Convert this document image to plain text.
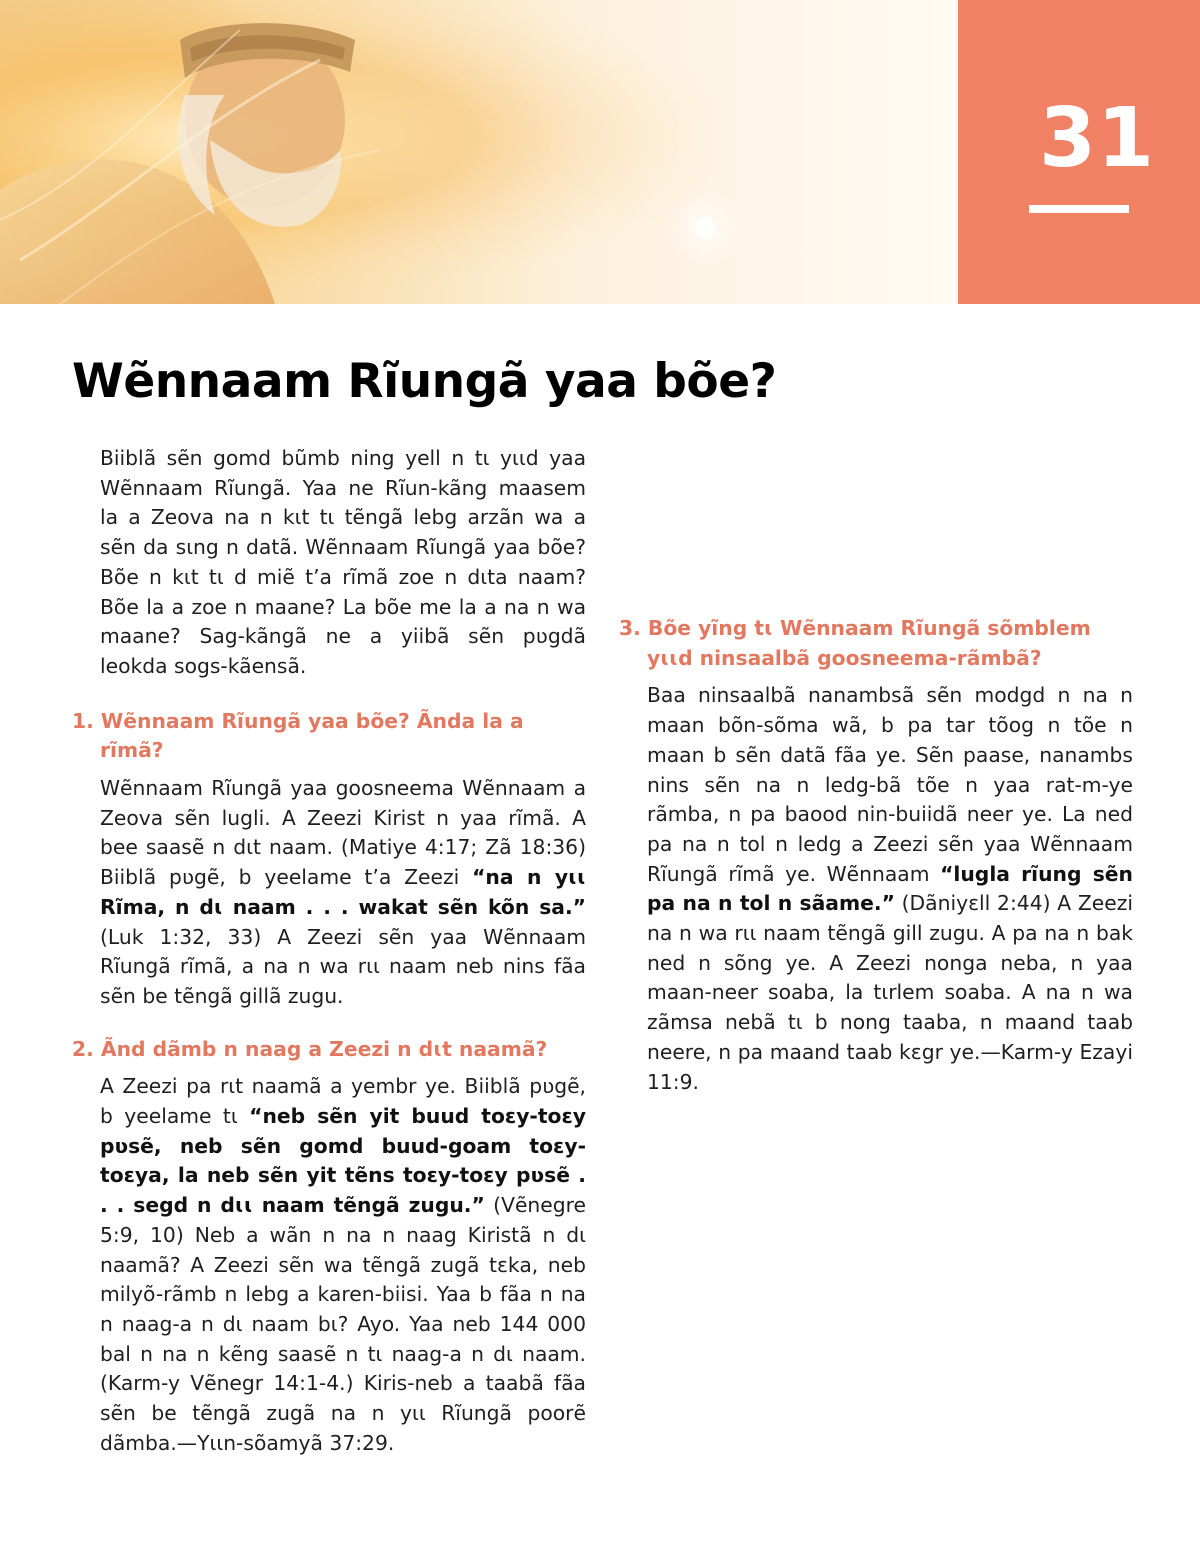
31
Wẽnnaam Rĩungã yaa bõe?

Biiblã sẽn gomd bũmb ning yell n tɩ yɩɩd yaa Wẽnnaam Rĩungã. Yaa ne Rĩun-kãng maasem la a Zeova na n kɩt tɩ tẽngã lebg arzãn wa a sẽn da sɩng n datã. Wẽnnaam Rĩungã yaa bõe? Bõe n kɩt tɩ d miẽ t’a rĩmã zoe n dɩta naam? Bõe la a zoe n maane? La bõe me la a na n wa maane? Sag-kãngã ne a yiibã sẽn pʋgdã leokda sogs-kãensã.

1. Wẽnnaam Rĩungã yaa bõe? Ãnda la a rĩmã?

Wẽnnaam Rĩungã yaa goosneema Wẽnnaam a Zeova sẽn lugli. A Zeezi Kirist n yaa rĩmã. A bee saasẽ n dɩt naam. (Matiye 4:17; Zã 18:36) Biiblã pʋgẽ, b yeelame t’a Zeezi “na n yɩɩ Rĩma, n dɩ naam . . . wakat sẽn kõn sa.” (Luk 1:32, 33) A Zeezi sẽn yaa Wẽnnaam Rĩungã rĩmã, a na n wa rɩɩ naam neb nins fãa sẽn be tẽngã gillã zugu.

2. Ãnd dãmb n naag a Zeezi n dɩt naamã?

A Zeezi pa rɩt naamã a yembr ye. Biiblã pʋgẽ, b yeelame tɩ “neb sẽn yit buud toɛy-toɛy pʋsẽ, neb sẽn gomd buud-goam toɛy-toɛya, la neb sẽn yit tẽns toɛy-toɛy pʋsẽ . . . segd n dɩɩ naam tẽngã zugu.” (Vẽnegre 5:9, 10) Neb a wãn n na n naag Kiristã n dɩ naamã? A Zeezi sẽn wa tẽngã zugã tɛka, neb milyõ-rãmb n lebg a karen-biisi. Yaa b fãa n na n naag-a n dɩ naam bɩ? Ayo. Yaa neb 144 000 bal n na n kẽng saasẽ n tɩ naag-a n dɩ naam. (Karm-y Vẽnegr 14:1-4.) Kiris-neb a taabã fãa sẽn be tẽngã zugã na n yɩɩ Rĩungã poorẽ dãmba.—Yɩɩn-sõamyã 37:29.

3. Bõe yĩng tɩ Wẽnnaam Rĩungã sõmblem yɩɩd ninsaalbã goosneema-rãmbã?

Baa ninsaalbã nanambsã sẽn modgd n na n maan bõn-sõma wã, b pa tar tõog n tõe n maan b sẽn datã fãa ye. Sẽn paase, nanambs nins sẽn na n ledg-bã tõe n yaa rat-m-ye rãmba, n pa baood nin-buiidã neer ye. La ned pa na n tol n ledg a Zeezi sẽn yaa Wẽnnaam Rĩungã rĩmã ye. Wẽnnaam “lugla rĩung sẽn pa na n tol n sãame.” (Dãniyɛll 2:44) A Zeezi na n wa rɩɩ naam tẽngã gill zugu. A pa na n bak ned n sõng ye. A Zeezi nonga neba, n yaa maan-neer soaba, la tɩrlem soaba. A na n wa zãmsa nebã tɩ b nong taaba, n maand taab neere, n pa maand taab kɛgr ye.—Karm-y Ezayi 11:9.
